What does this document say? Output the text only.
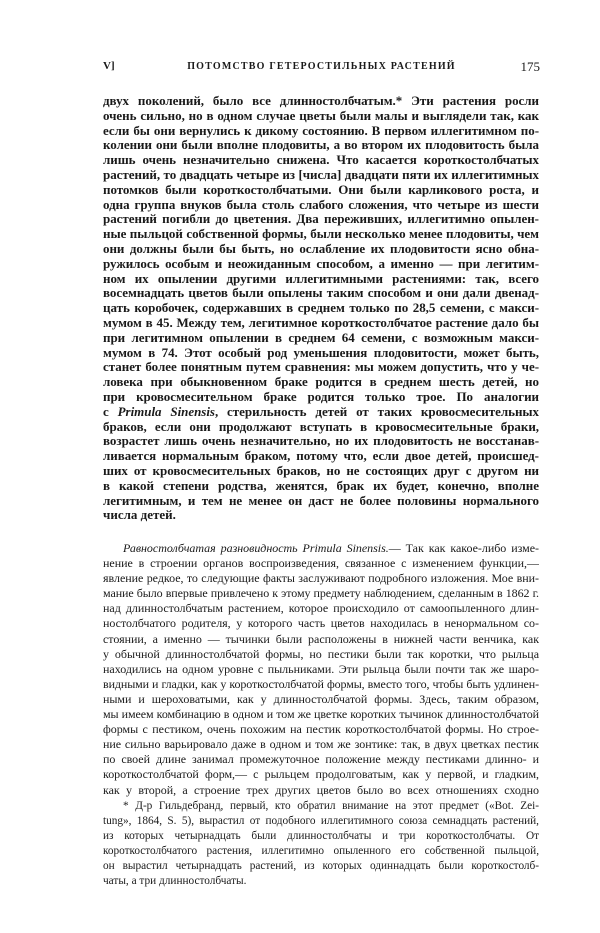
V]	ПОТОМСТВО ГЕТЕРОСТИЛЬНЫХ РАСТЕНИЙ	175
двух поколений, было все длинностолбчатым.* Эти растения росли
очень сильно, но в одном случае цветы были малы и выглядели так, как
если бы они вернулись к дикому состоянию. В первом иллегитимном по-
колении они были вполне плодовиты, а во втором их плодовитость была
лишь очень незначительно снижена. Что касается короткостолбчатых
растений, то двадцать четыре из [числа] двадцати пяти их иллегитимных
потомков были короткостолбчатыми. Они были карликового роста, и
одна группа внуков была столь слабого сложения, что четыре из шести
растений погибли до цветения. Два переживших, иллегитимно опылен-
ные пыльцой собственной формы, были несколько менее плодовиты, чем
они должны были бы быть, но ослабление их плодовитости ясно обна-
ружилось особым и неожиданным способом, а именно — при легитим-
ном их опылении другими иллегитимными растениями: так, всего
восемнадцать цветов были опылены таким способом и они дали двенад-
цать коробочек, содержавших в среднем только по 28,5 семени, с макси-
мумом в 45. Между тем, легитимное короткостолбчатое растение дало бы
при легитимном опылении в среднем 64 семени, с возможным макси-
мумом в 74. Этот особый род уменьшения плодовитости, может быть,
станет более понятным путем сравнения: мы можем допустить, что у че-
ловека при обыкновенном браке родится в среднем шесть детей, но
при кровосмесительном браке родится только трое. По аналогии
с Primula Sinensis, стерильность детей от таких кровосмесительных
браков, если они продолжают вступать в кровосмесительные браки,
возрастет лишь очень незначительно, но их плодовитость не восстанав-
ливается нормальным браком, потому что, если двое детей, происшед-
ших от кровосмесительных браков, но не состоящих друг с другом ни
в какой степени родства, женятся, брак их будет, конечно, вполне
легитимным, и тем не менее он даст не более половины нормального
числа детей.
Равностолбчатая разновидность Primula Sinensis.— Так как какое-либо изме-
нение в строении органов воспроизведения, связанное с изменением функции,—
явление редкое, то следующие факты заслуживают подробного изложения. Мое вни-
мание было впервые привлечено к этому предмету наблюдением, сделанным в 1862 г.
над длинностолбчатым растением, которое происходило от самоопыленного длин-
ностолбчатого родителя, у которого часть цветов находилась в ненормальном со-
стоянии, а именно — тычинки были расположены в нижней части венчика, как
у обычной длинностолбчатой формы, но пестики были так коротки, что рыльца
находились на одном уровне с пыльниками. Эти рыльца были почти так же шаро-
видными и гладки, как у короткостолбчатой формы, вместо того, чтобы быть удлинен-
ными и шероховатыми, как у длинностолбчатой формы. Здесь, таким образом,
мы имеем комбинацию в одном и том же цветке коротких тычинок длинностолбчатой
формы с пестиком, очень похожим на пестик короткостолбчатой формы. Но строе-
ние сильно варьировало даже в одном и том же зонтике: так, в двух цветках пестик
по своей длине занимал промежуточное положение между пестиками длинно- и
короткостолбчатой форм,— с рыльцем продолговатым, как у первой, и гладким,
как у второй, а строение трех других цветов было во всех отношениях сходно
* Д-р Гильдебранд, первый, кто обратил внимание на этот предмет («Bot. Zei-
tung», 1864, S. 5), вырастил от подобного иллегитимного союза семнадцать растений,
из которых четырнадцать были длинностолбчаты и три короткостолбчаты. От
короткостолбчатого растения, иллегитимно опыленного его собственной пыльцой,
он вырастил четырнадцать растений, из которых одиннадцать были короткостолб-
чаты, а три длинностолбчаты.
